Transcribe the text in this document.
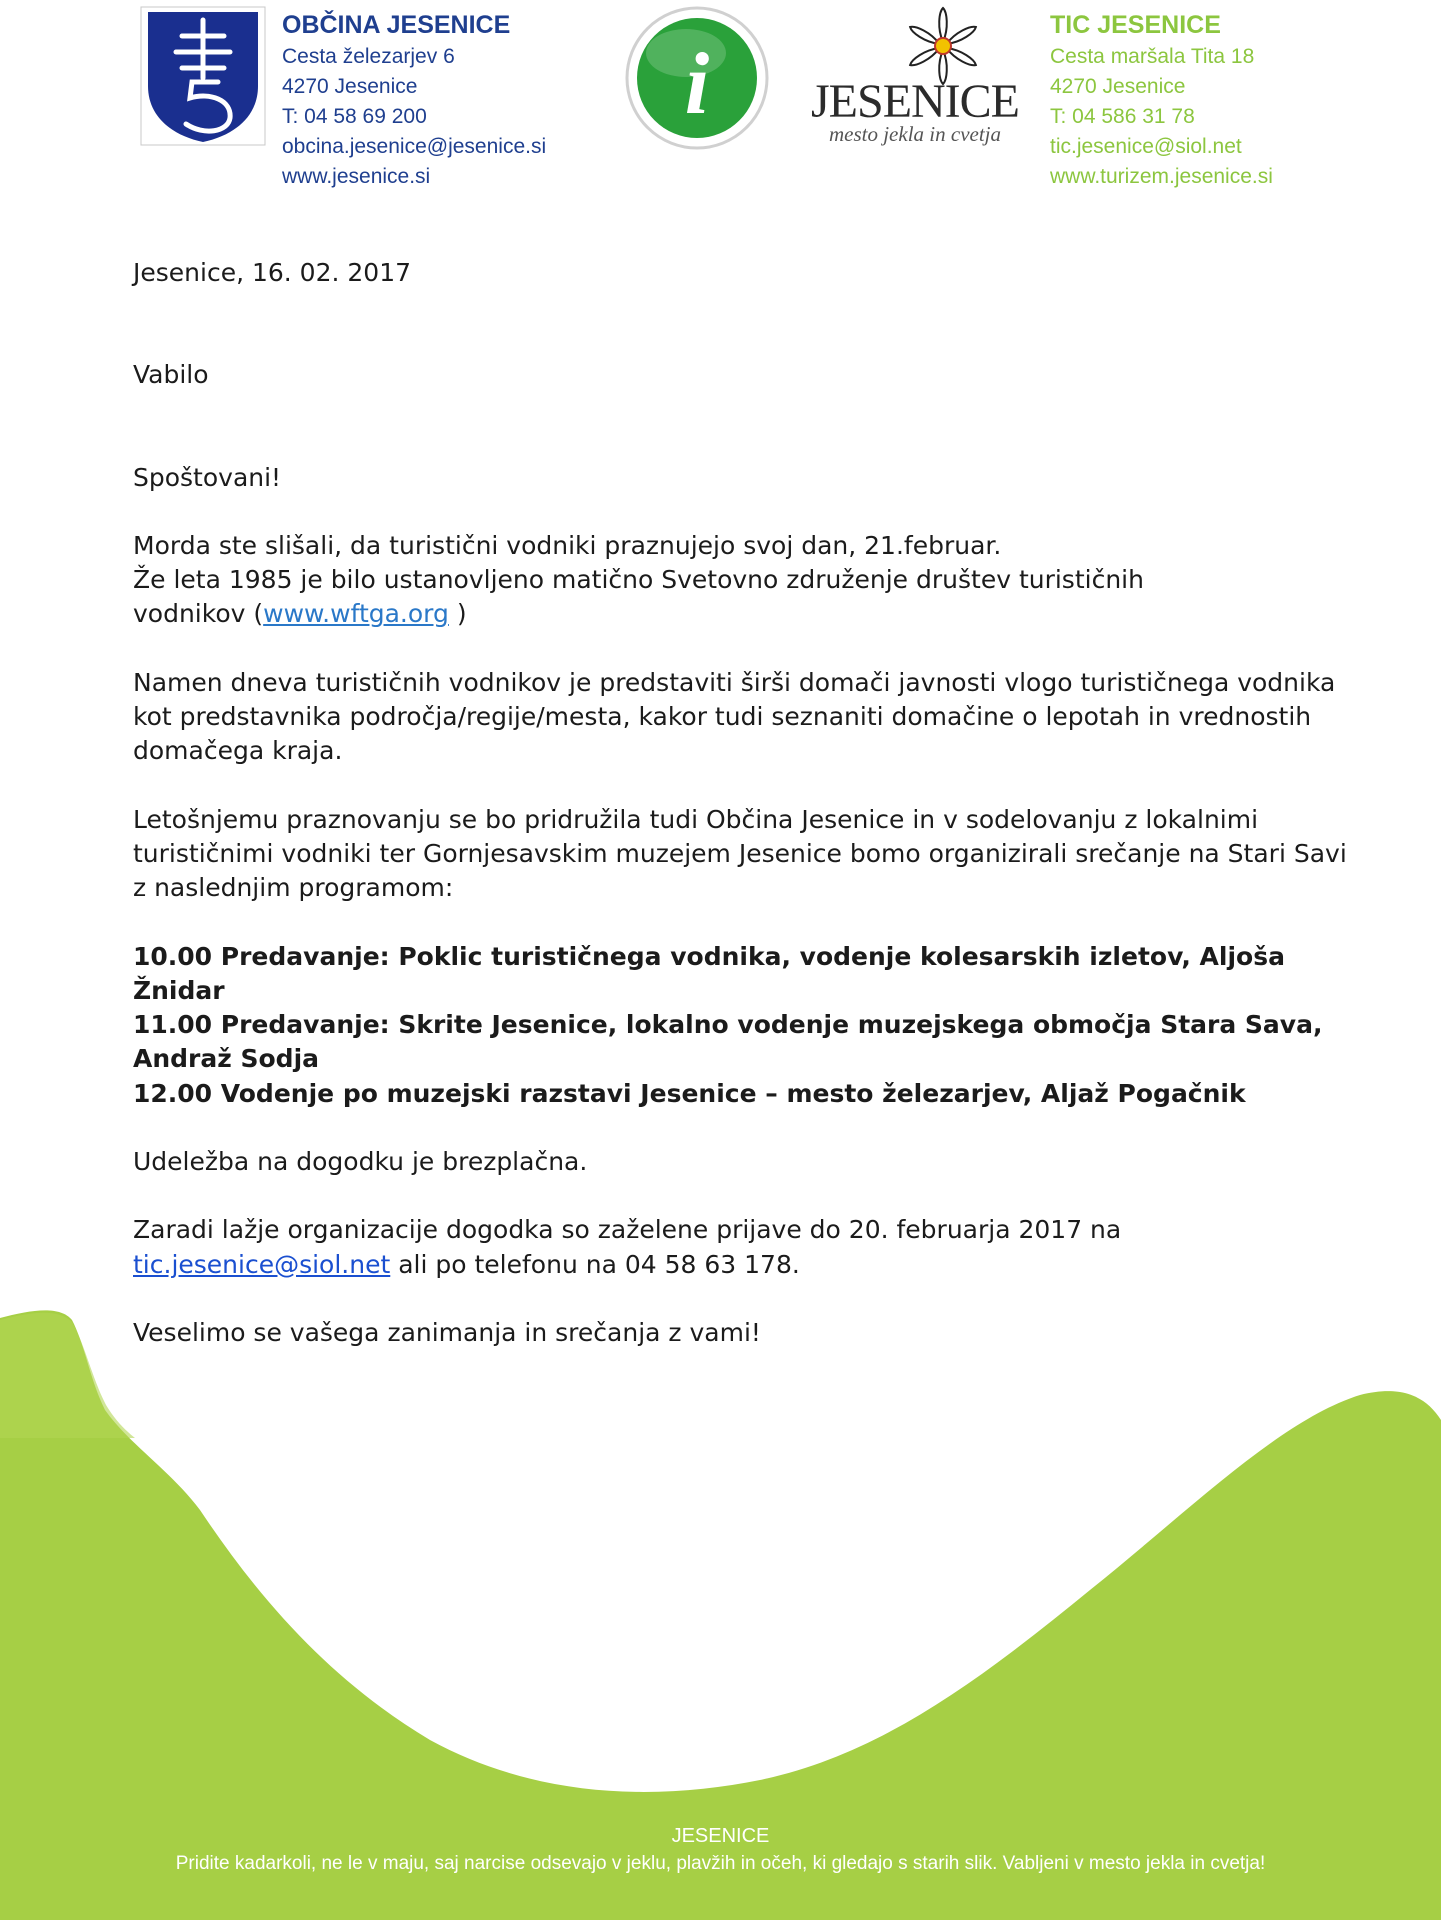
OBČINA JESENICE
Cesta železarjev 6
4270 Jesenice
T: 04 58 69 200
obcina.jesenice@jesenice.si
www.jesenice.si
i JESENICE
mesto jekla in cvetja
TIC JESENICE
Cesta maršala Tita 18
4270 Jesenice
T: 04 586 31 78
tic.jesenice@siol.net
www.turizem.jesenice.si

Jesenice, 16. 02. 2017

Vabilo

Spoštovani!

Morda ste slišali, da turistični vodniki praznujejo svoj dan, 21.februar.

Že leta 1985 je bilo ustanovljeno matično Svetovno združenje društev turističnih

vodnikov (www.wftga.org )

Namen dneva turističnih vodnikov je predstaviti širši domači javnosti vlogo turističnega vodnika kot predstavnika področja/regije/mesta, kakor tudi seznaniti domačine o lepotah in vrednostih domačega kraja.

Letošnjemu praznovanju se bo pridružila tudi Občina Jesenice in v sodelovanju z lokalnimi turističnimi vodniki ter Gornjesavskim muzejem Jesenice bomo organizirali srečanje na Stari Savi z naslednjim programom:

10.00 Predavanje: Poklic turističnega vodnika, vodenje kolesarskih izletov, Aljoša Žnidar

11.00 Predavanje: Skrite Jesenice, lokalno vodenje muzejskega območja Stara Sava, Andraž Sodja

12.00 Vodenje po muzejski razstavi Jesenice – mesto železarjev, Aljaž Pogačnik

Udeležba na dogodku je brezplačna.

Zaradi lažje organizacije dogodka so zaželene prijave do 20. februarja 2017 na

tic.jesenice@siol.net ali po telefonu na 04 58 63 178.

Veselimo se vašega zanimanja in srečanja z vami!

JESENICE
Pridite kadarkoli, ne le v maju, saj narcise odsevajo v jeklu, plavžih in očeh, ki gledajo s starih slik. Vabljeni v mesto jekla in cvetja!
